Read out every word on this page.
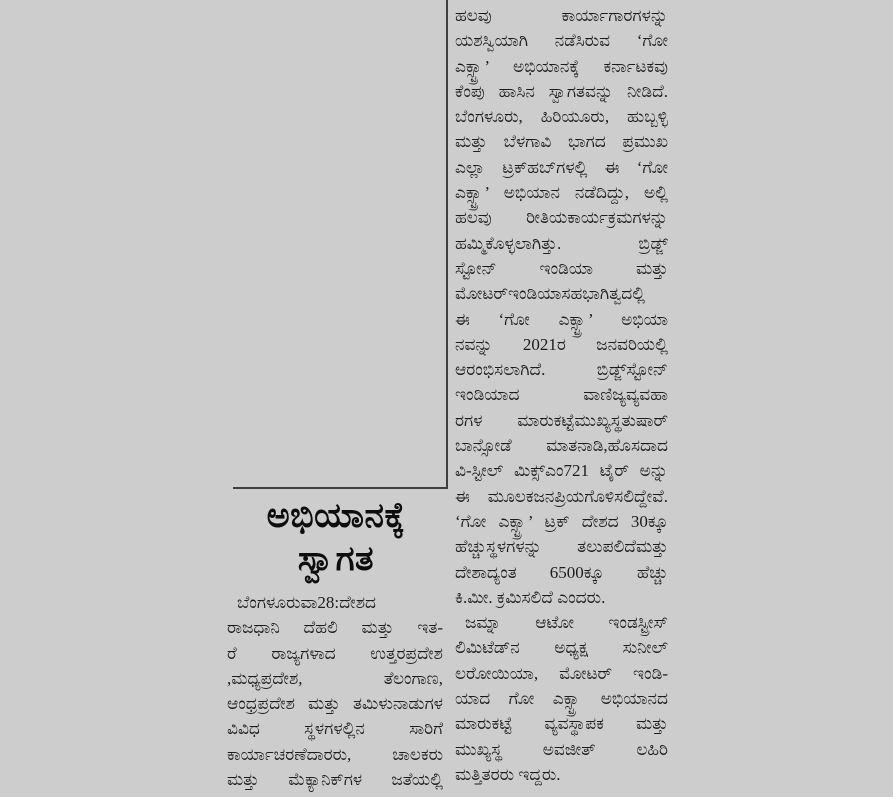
ಅಭಿಯಾನಕ್ಕೆ
ಸ್ವಾಗತ
ಬೆಂಗಳೂರುವಾ28:ದೇಶದ
ರಾಜಧಾನಿ ದೆಹಲಿ ಮತ್ತು ಇತ-
ರೆ ರಾಜ್ಯಗಳಾದ ಉತ್ತರಪ್ರದೇಶ
,ಮಧ್ಯಪ್ರದೇಶ, ತೆಲಂಗಾಣ,
ಆಂಧ್ರಪ್ರದೇಶ ಮತ್ತು ತಮಿಳುನಾಡುಗಳ
ವಿವಿಧ ಸ್ಥಳಗಳಲ್ಲಿನ ಸಾರಿಗೆ
ಕಾರ್ಯಾಚರಣೆದಾರರು, ಚಾಲಕರು
ಮತ್ತು ಮೆಕ್ಯಾನಿಕ್‌ಗಳ ಜತೆಯಲ್ಲಿ
ಹಲವು ಕಾರ್ಯಾಗಾರಗಳನ್ನು
ಯಶಸ್ವಿಯಾಗಿ ನಡೆಸಿರುವ ‘ಗೋ
ಎಕ್ಸ್ಟ್ರಾ’ ಅಭಿಯಾನಕ್ಕೆ ಕರ್ನಾಟಕವು
ಕೆಂಪು ಹಾಸಿನ ಸ್ವಾಗತವನ್ನು ನೀಡಿದೆ.
ಬೆಂಗಳೂರು, ಹಿರಿಯೂರು, ಹುಬ್ಬಳ್ಳಿ
ಮತ್ತು ಬೆಳಗಾವಿ ಭಾಗದ ಪ್ರಮುಖ
ಎಲ್ಲಾ ಟ್ರಕ್‌ಹಬ್‌ಗಳಲ್ಲಿ ಈ ‘ಗೋ
ಎಕ್ಸ್ಟ್ರಾ’ ಅಭಿಯಾನ ನಡೆದಿದ್ದು, ಅಲ್ಲಿ
ಹಲವು ರೀತಿಯಕಾರ್ಯಕ್ರಮಗಳನ್ನು
ಹಮ್ಮಿಕೊಳ್ಳಲಾಗಿತ್ತು. ಬ್ರಿಡ್ಜ್
ಸ್ಟೋನ್ ಇಂಡಿಯಾ ಮತ್ತು
ಮೋಟರ್‌ಇಂಡಿಯಾಸಹಭಾಗಿತ್ವದಲ್ಲಿ
ಈ ‘ಗೋ ಎಕ್ಸ್ಟ್ರಾ’ ಅಭಿಯಾ
ನವನ್ನು 2021ರ ಜನವರಿಯಲ್ಲಿ
ಆರಂಭಿಸಲಾಗಿದೆ. ಬ್ರಿಡ್ಜ್‌ಸ್ಟೋನ್
ಇಂಡಿಯಾದ ವಾಣಿಜ್ಯವ್ಯವಹಾ
ರಗಳ ಮಾರುಕಟ್ಟೆಮುಖ್ಯಸ್ಥತುಷಾರ್
ಬಾನ್ಸೋಡೆ ಮಾತನಾಡಿ,ಹೊಸದಾದ
ವಿ-ಸ್ಟೀಲ್ ಮಿಕ್ಸ್ಎಂ721 ಟೈರ್ ಅನ್ನು
ಈ ಮೂಲಕಜನಪ್ರಿಯಗೊಳಿಸಲಿದ್ದೇವೆ.
‘ಗೋ ಎಕ್ಸ್ಟ್ರಾ’ ಟ್ರಕ್ ದೇಶದ 30ಕ್ಕೂ
ಹೆಚ್ಚುಸ್ಥಳಗಳನ್ನು ತಲುಪಲಿದೆಮತ್ತು
ದೇಶಾದ್ಯಂತ 6500ಕ್ಕೂ ಹೆಚ್ಚು
ಕಿ.ಮೀ. ಕ್ರಮಿಸಲಿದೆ ಎಂದರು.
ಜಮ್ನಾ ಆಟೋ ಇಂಡಸ್ಟ್ರೀಸ್
ಲಿಮಿಟೆಡ್‌ನ ಅಧ್ಯಕ್ಷ ಸುನೀಲ್
ಲರೋಯಿಯಾ, ಮೋಟರ್ ಇಂಡಿ-
ಯಾದ ಗೋ ಎಕ್ಸ್ಟ್ರಾ ಅಭಿಯಾನದ
ಮಾರುಕಟ್ಟೆ ವ್ಯವಸ್ಥಾಪಕ ಮತ್ತು
ಮುಖ್ಯಸ್ಥ ಅವಜೀತ್ ಲಹಿರಿ
ಮತ್ತಿತರರು ಇದ್ದರು.
